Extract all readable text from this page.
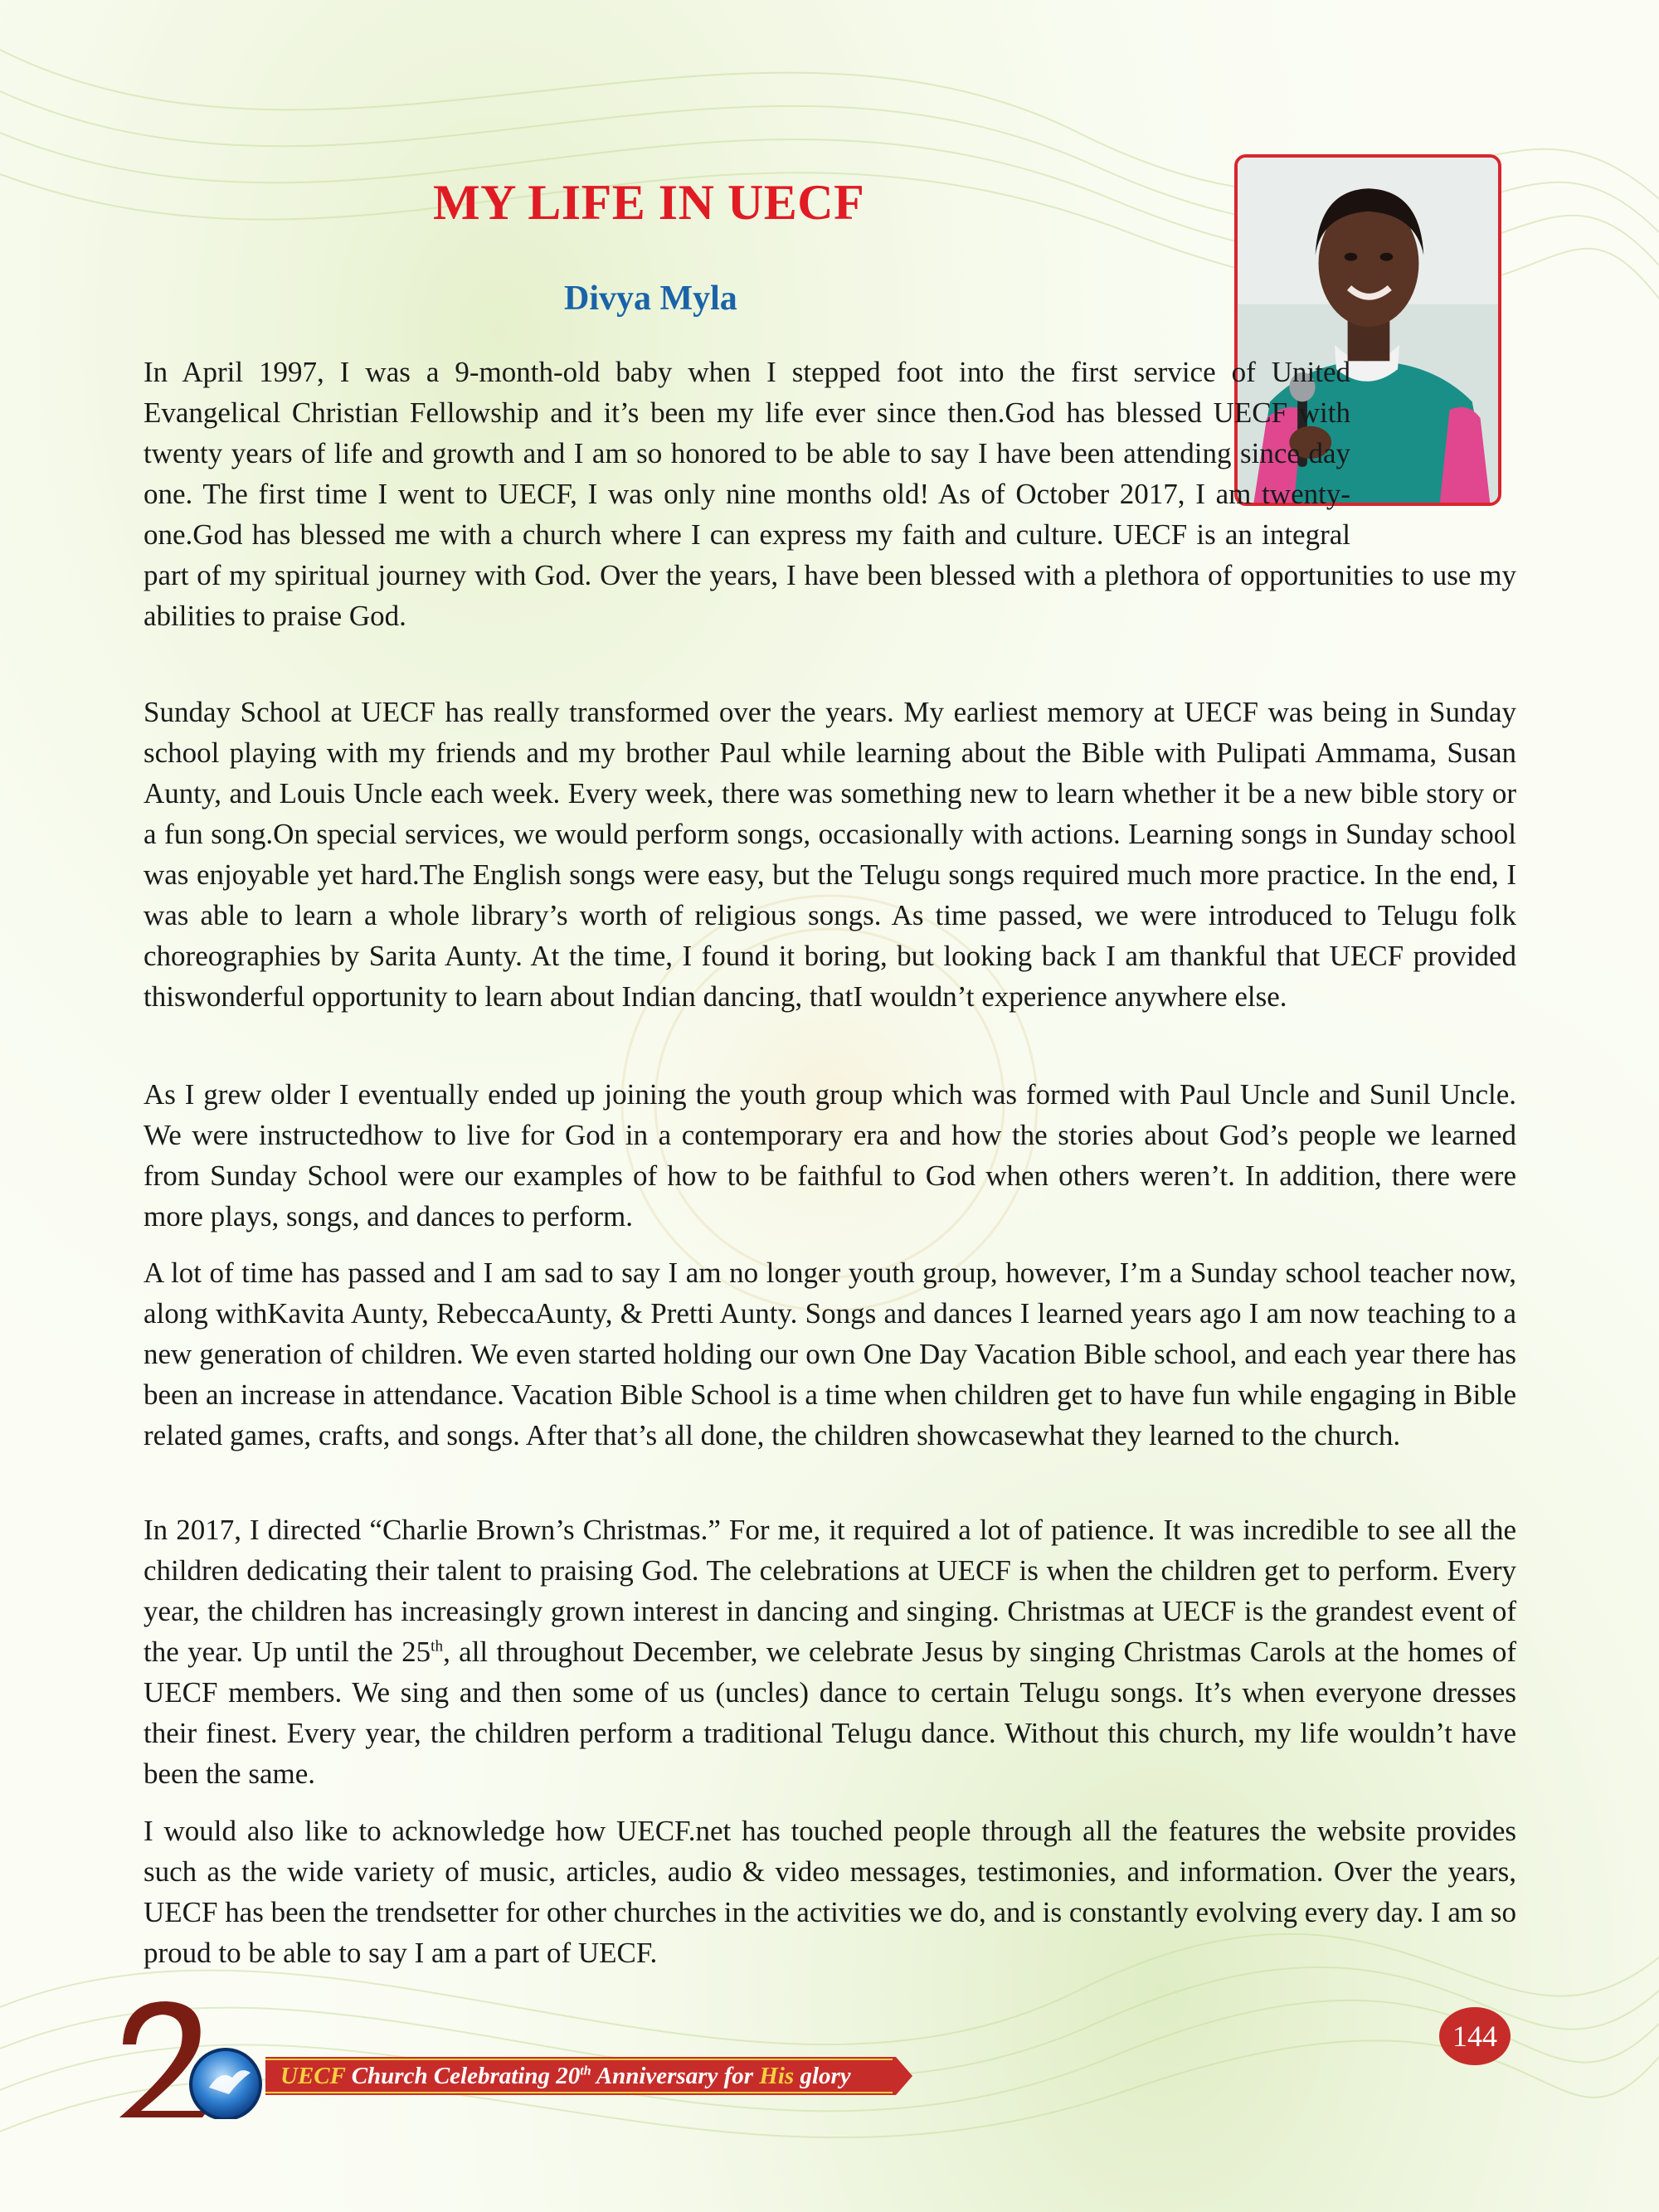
MY LIFE IN UECF
Divya Myla

In April 1997, I was a 9-month-old baby when I stepped foot into the first service of United Evangelical Christian Fellowship and it’s been my life ever since then.God has blessed UECF with twenty years of life and growth and I am so honored to be able to say I have been attending since day one. The first time I went to UECF, I was only nine months old! As of October 2017, I am twenty-one.God has blessed me with a church where I can express my faith and culture. UECF is an integral part of my spiritual journey with God. Over the years, I have been blessed with a plethora of opportunities to use my abilities to praise God.

Sunday School at UECF has really transformed over the years. My earliest memory at UECF was being in Sunday school playing with my friends and my brother Paul while learning about the Bible with Pulipati Ammama, Susan Aunty, and Louis Uncle each week. Every week, there was something new to learn whether it be a new bible story or a fun song.On special services, we would perform songs, occasionally with actions. Learning songs in Sunday school was enjoyable yet hard.The English songs were easy, but the Telugu songs required much more practice. In the end, I was able to learn a whole library’s worth of religious songs. As time passed, we were introduced to Telugu folk choreographies by Sarita Aunty. At the time, I found it boring, but looking back I am thankful that UECF provided thiswonderful opportunity to learn about Indian dancing, thatI wouldn’t experience anywhere else.

As I grew older I eventually ended up joining the youth group which was formed with Paul Uncle and Sunil Uncle. We were instructedhow to live for God in a contemporary era and how the stories about God’s people we learned from Sunday School were our examples of how to be faithful to God when others weren’t. In addition, there were more plays, songs, and dances to perform.

A lot of time has passed and I am sad to say I am no longer youth group, however, I’m a Sunday school teacher now, along withKavita Aunty, RebeccaAunty, & Pretti Aunty. Songs and dances I learned years ago I am now teaching to a new generation of children. We even started holding our own One Day Vacation Bible school, and each year there has been an increase in attendance. Vacation Bible School is a time when children get to have fun while engaging in Bible related games, crafts, and songs. After that’s all done, the children showcasewhat they learned to the church.

In 2017, I directed “Charlie Brown’s Christmas.” For me, it required a lot of patience. It was incredible to see all the children dedicating their talent to praising God. The celebrations at UECF is when the children get to perform. Every year, the children has increasingly grown interest in dancing and singing. Christmas at UECF is the grandest event of the year. Up until the 25th, all throughout December, we celebrate Jesus by singing Christmas Carols at the homes of UECF members. We sing and then some of us (uncles) dance to certain Telugu songs. It’s when everyone dresses their finest. Every year, the children perform a traditional Telugu dance. Without this church, my life wouldn’t have been the same.

I would also like to acknowledge how UECF.net has touched people through all the features the website provides such as the wide variety of music, articles, audio & video messages, testimonies, and information. Over the years, UECF has been the trendsetter for other churches in the activities we do, and is constantly evolving every day. I am so proud to be able to say I am a part of UECF.

UECF Church Celebrating 20th Anniversary for His glory

144
